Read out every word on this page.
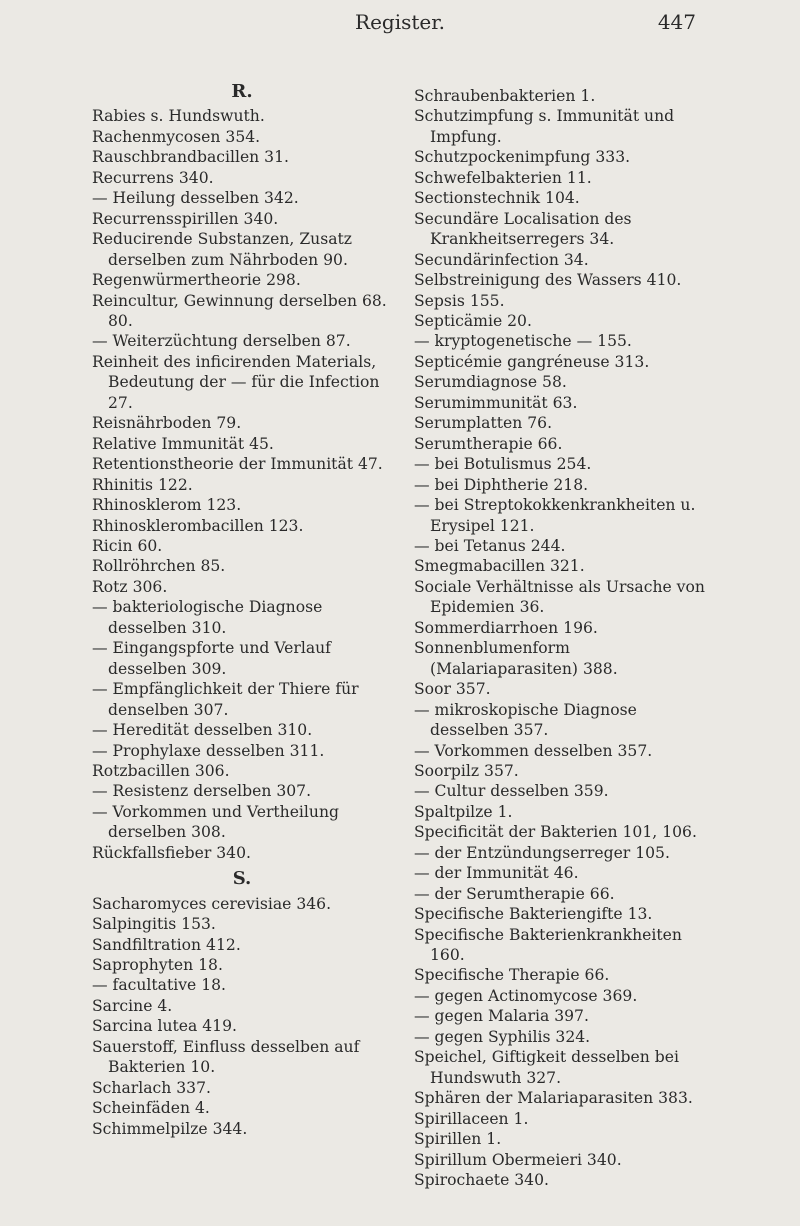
Register.	447
R.
Rabies s. Hundswuth.
Rachenmycosen 354.
Rauschbrandbacillen 31.
Recurrens 340.
— Heilung desselben 342.
Recurrensspirillen 340.
Reducirende Substanzen, Zusatz derselben zum Nährboden 90.
Regenwürmertheorie 298.
Reincultur, Gewinnung derselben 68. 80.
— Weiterzüchtung derselben 87.
Reinheit des inficirenden Materials, Bedeutung der — für die Infection 27.
Reisnährboden 79.
Relative Immunität 45.
Retentionstheorie der Immunität 47.
Rhinitis 122.
Rhinosklerom 123.
Rhinosklerombacillen 123.
Ricin 60.
Rollröhrchen 85.
Rotz 306.
— bakteriologische Diagnose desselben 310.
— Eingangspforte und Verlauf desselben 309.
— Empfänglichkeit der Thiere für denselben 307.
— Heredität desselben 310.
— Prophylaxe desselben 311.
Rotzbacillen 306.
— Resistenz derselben 307.
— Vorkommen und Vertheilung derselben 308.
Rückfallsfieber 340.
S.
Sacharomyces cerevisiae 346.
Salpingitis 153.
Sandfiltration 412.
Saprophyten 18.
— facultative 18.
Sarcine 4.
Sarcina lutea 419.
Sauerstoff, Einfluss desselben auf Bakterien 10.
Scharlach 337.
Scheinfäden 4.
Schimmelpilze 344.
Schraubenbakterien 1.
Schutzimpfung s. Immunität und Impfung.
Schutzpockenimpfung 333.
Schwefelbakterien 11.
Sectionstechnik 104.
Secundäre Localisation des Krankheitserregers 34.
Secundärinfection 34.
Selbstreinigung des Wassers 410.
Sepsis 155.
Septicämie 20.
— kryptogenetische — 155.
Septicémie gangréneuse 313.
Serumdiagnose 58.
Serumimmunität 63.
Serumplatten 76.
Serumtherapie 66.
— bei Botulismus 254.
— bei Diphtherie 218.
— bei Streptokokkenkrankheiten u. Erysipel 121.
— bei Tetanus 244.
Smegmabacillen 321.
Sociale Verhältnisse als Ursache von Epidemien 36.
Sommerdiarrhoen 196.
Sonnenblumenform (Malariaparasiten) 388.
Soor 357.
— mikroskopische Diagnose desselben 357.
— Vorkommen desselben 357.
Soorpilz 357.
— Cultur desselben 359.
Spaltpilze 1.
Specificität der Bakterien 101, 106.
— der Entzündungserreger 105.
— der Immunität 46.
— der Serumtherapie 66.
Specifische Bakteriengifte 13.
Specifische Bakterienkrankheiten 160.
Specifische Therapie 66.
— gegen Actinomycose 369.
— gegen Malaria 397.
— gegen Syphilis 324.
Speichel, Giftigkeit desselben bei Hundswuth 327.
Sphären der Malariaparasiten 383.
Spirillaceen 1.
Spirillen 1.
Spirillum Obermeieri 340.
Spirochaete 340.
